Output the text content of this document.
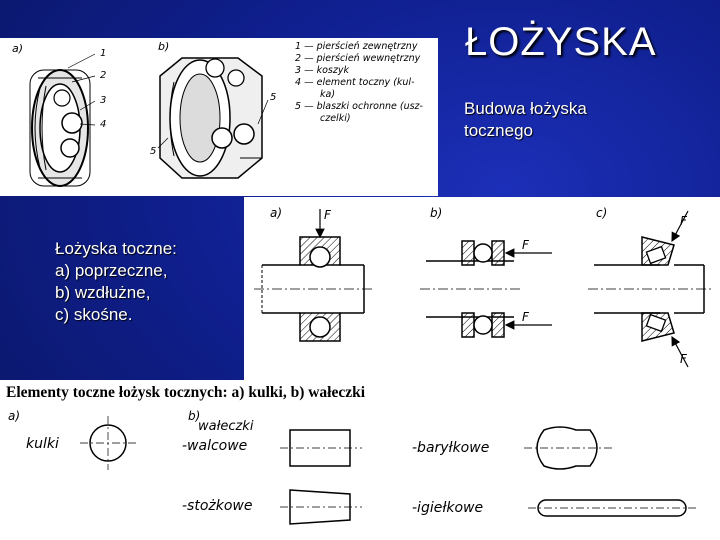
ŁOŻYSKA
Budowa łożyska
tocznego
Łożyska toczne:
a) poprzeczne,
b) wzdłużne,
c) skośne.
Elementy toczne łożysk tocznych: a) kulki, b) wałeczki
1 — pierścień zewnętrzny
2 — pierścień wewnętrzny
3 — koszyk
4 — element toczny (kul-
ka)
5 — blaszki ochronne (usz-
czelki)
a)	b)
1
2
3
4
5
5
a)	F	b)
F
F
c)
F
F
a)	b)
kulki
wałeczki
-walcowe
-stożkowe
-baryłkowe
-igiełkowe
